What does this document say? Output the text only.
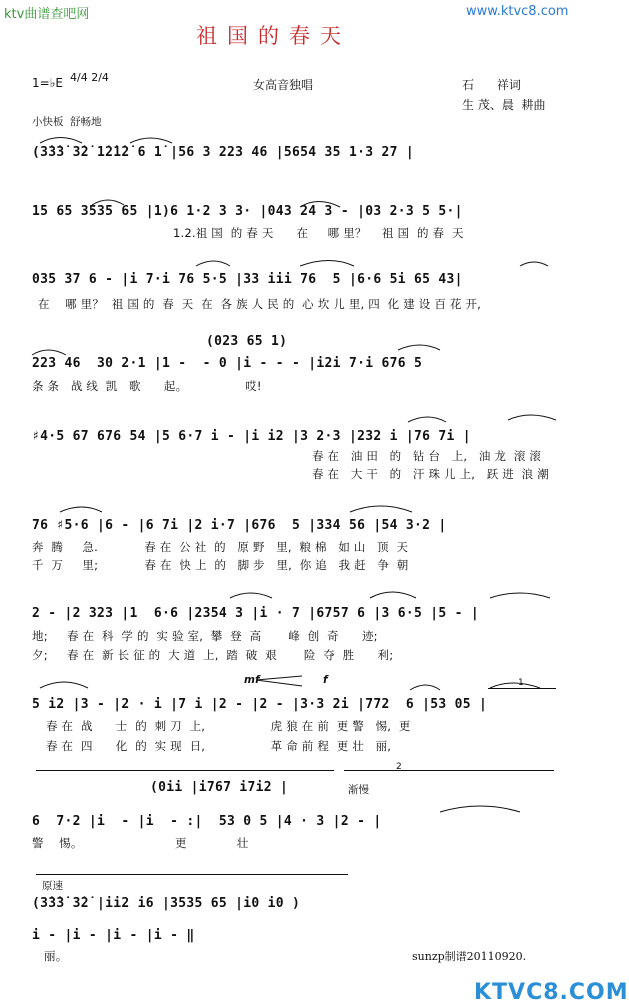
ktv曲谱查吧网	www.ktvc8.com
KTVC8.COM
祖国的春天
1=♭E 4/4 2/4
女高音独唱	石      祥词
生 茂、晨  耕曲
小快板  舒畅地
(3̇3̇3̇ 3̇2̇ 1̇2̇1̇2̇ 6 1̇ |56 3 223 46 |5654 35 1·3 27 |
15 65 3535 65 |1)6 1·2 3 3· |043 24 3 - |03 2·3 5 5·|
1.2.祖 国  的 春 天      在     哪 里？    祖 国  的 春  天
035 37 6 - |i 7·i 76 5·5 |33 iii 76  5 |6·6 5i 65 43|
在    哪 里？  祖 国 的  春  天  在  各 族 人 民 的  心 坎 儿 里, 四  化 建 设 百 花 开,
(023 65 1)
223 46  30 2·1 |1 -  - 0 |i - - - |i2i 7·i 676 5
条 条   战 线  凯   歌      起。               哎!
♯4·5 67 676 54 |5 6·7 i - |i i2 |3 2·3 |232 i |76 7i |
春 在   油 田   的   钻 台   上,   油 龙  滚 滚
春 在   大 干   的   汗 珠 儿 上,   跃 进  浪 潮
76 ♯5·6 |6 - |6 7i |2 i·7 |676  5 |334 56 |54 3·2 |
奔  腾     急.            春 在  公 社  的   原 野   里,  粮 棉   如 山   顶  天
千  万     里;            春 在  快 上  的   脚 步   里,  你 追   我 赶   争  朝
2 - |2 323 |1  6·6 |2354 3 |i · 7 |6757 6 |3 6·5 |5 - |
地;     春 在  科  学 的  实 验 室,  攀  登  高       峰  创  奇      迹;
夕;     春 在  新 长 征 的  大 道  上,  踏  破  艰       险  夺  胜      利;
mf	f	1
5 i2 |3 - |2 · i |7 i |2 - |2 - |3·3 2i |772  6 |53 05 |
春 在  战      士  的  刺 刀  上,                 虎 狼 在 前  更 警   惕,  更
春 在  四      化  的  实 现  日,                 革 命 前 程  更 壮   丽,
2
(0ii |i767 i7i2 |	渐慢
6  7·2 |i  - |i  - :|  53 0 5 |4 · 3 |2 - |
警    惕。                        更             壮
原速
(3̇3̇3̇ 3̇2̇ |ii2 i6 |3535 65 |i0 i0 )
i - |i - |i - |i - ‖
丽。	sunzp制谱20110920.
